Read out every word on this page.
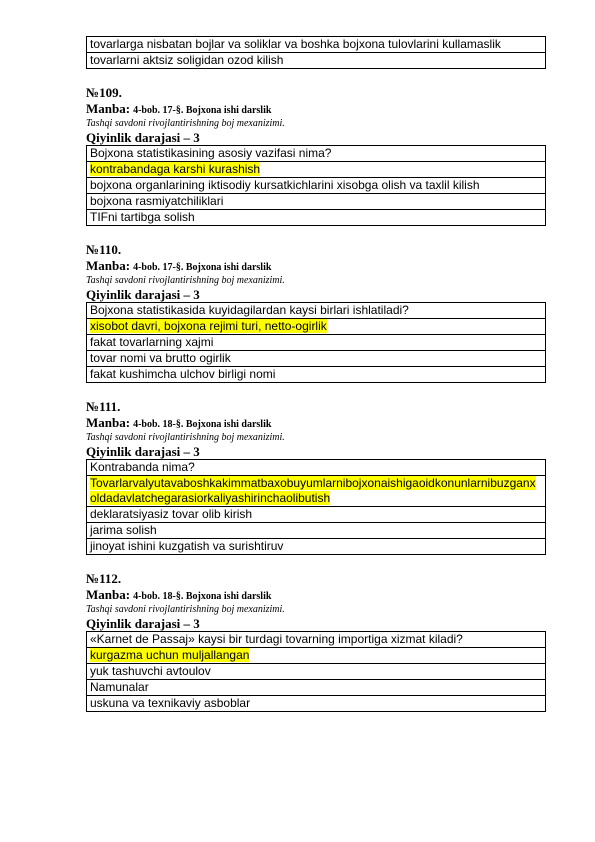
tovarlarga nisbatan bojlar va soliklar va boshka bojxona tulovlarini kullamaslik
tovarlarni aktsiz soligidan ozod kilish
№109.
Manba: 4-bob. 17-§. Bojxona ishi darslik
Tashqi savdoni rivojlantirishning boj mexanizimi.
Qiyinlik darajasi – 3
Bojxona statistikasining asosiy vazifasi nima?
kontrabandaga karshi kurashish
bojxona organlarining iktisodiy kursatkichlarini xisobga olish va taxlil kilish
bojxona rasmiyatchiliklari
TIFni tartibga solish
№110.
Manba: 4-bob. 17-§. Bojxona ishi darslik
Tashqi savdoni rivojlantirishning boj mexanizimi.
Qiyinlik darajasi – 3
Bojxona statistikasida kuyidagilardan kaysi birlari ishlatiladi?
xisobot davri, bojxona rejimi turi, netto-ogirlik
fakat tovarlarning xajmi
tovar nomi va brutto ogirlik
fakat kushimcha ulchov birligi nomi
№111.
Manba: 4-bob. 18-§. Bojxona ishi darslik
Tashqi savdoni rivojlantirishning boj mexanizimi.
Qiyinlik darajasi – 3
Kontrabanda nima?
Tovarlarvalyutavaboshkakimmatbaxobuyumlarnibojxonaishigaoidkonunlarnibuzganxoldadavlatchegarasiorkaliyashirinchaolibutish
deklaratsiyasiz tovar olib kirish
jarima solish
jinoyat ishini kuzgatish va surishtiruv
№112.
Manba: 4-bob. 18-§. Bojxona ishi darslik
Tashqi savdoni rivojlantirishning boj mexanizimi.
Qiyinlik darajasi – 3
«Karnet de Passaj» kaysi bir turdagi tovarning importiga xizmat kiladi?
kurgazma uchun muljallangan
yuk tashuvchi avtoulov
Namunalar
uskuna va texnikaviy asboblar
